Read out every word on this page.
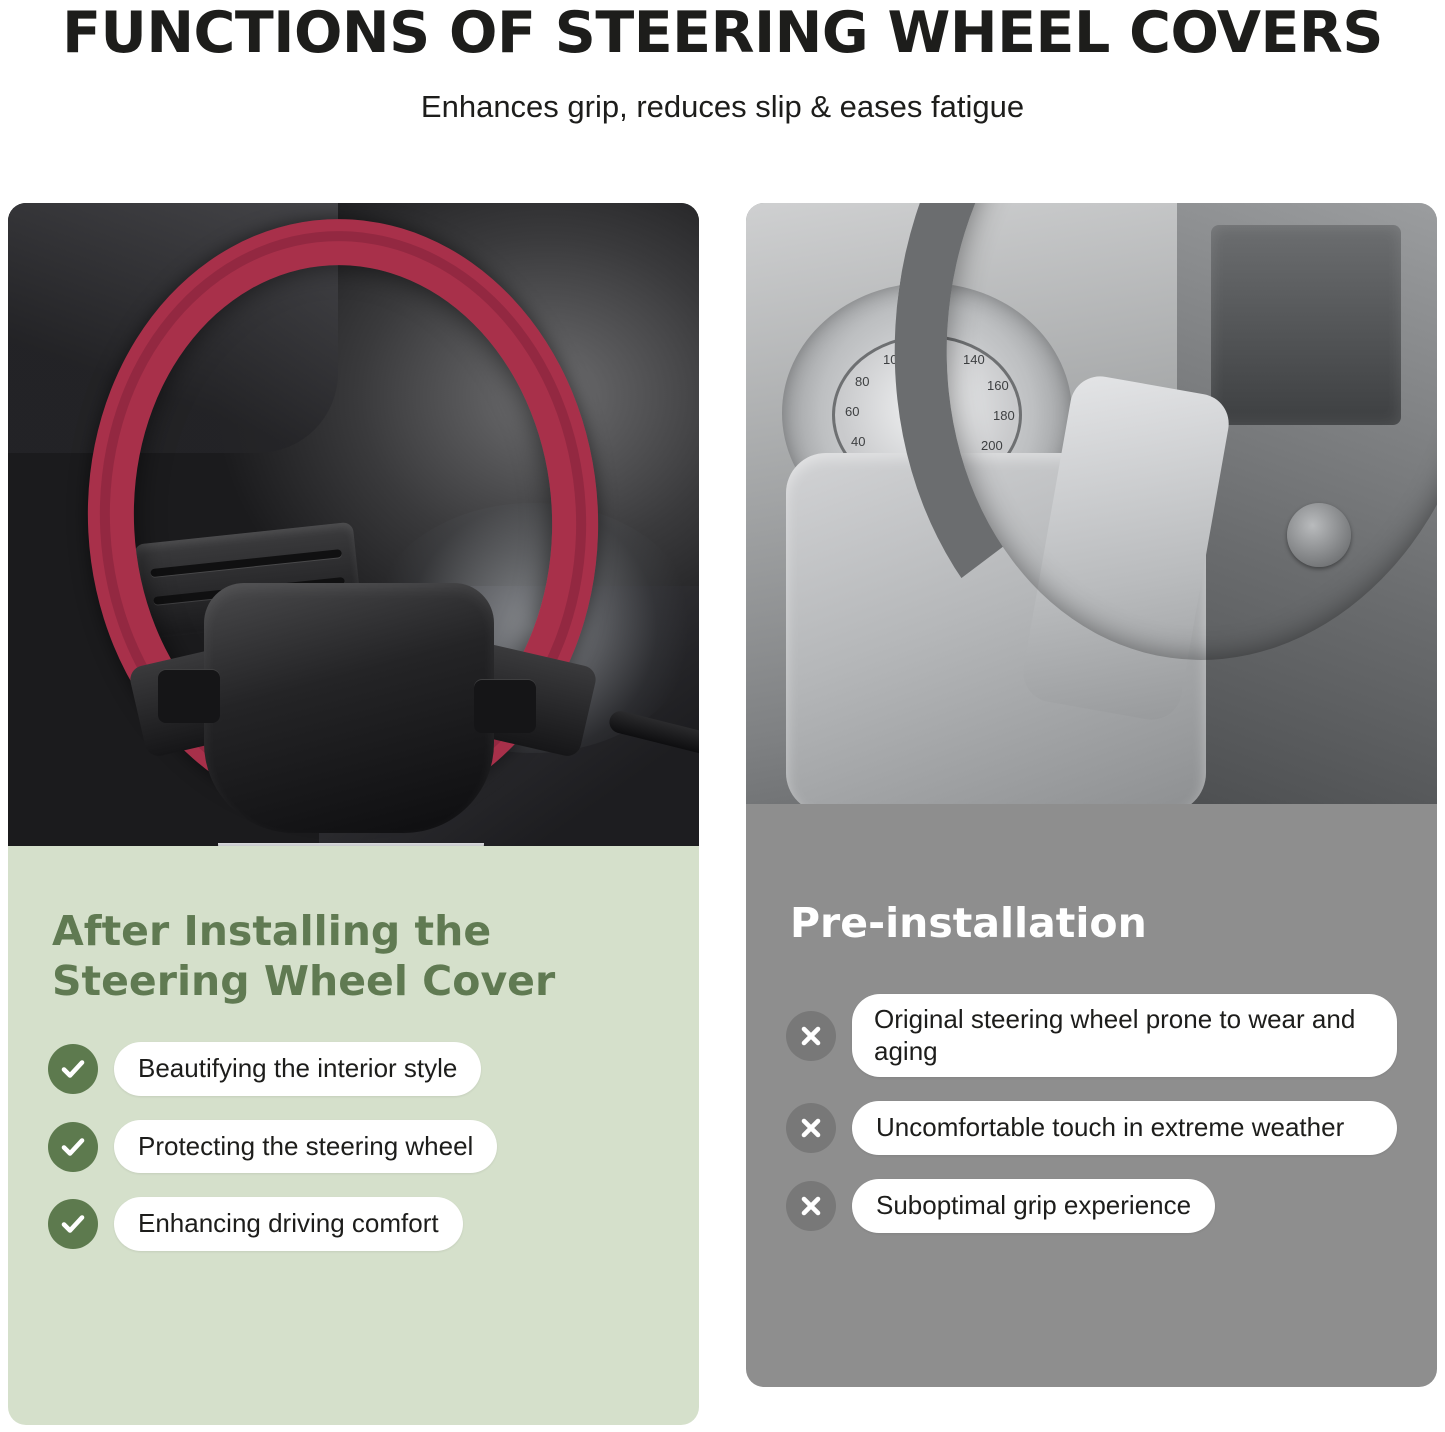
FUNCTIONS OF STEERING WHEEL COVERS

Enhances grip, reduces slip & eases fatigue

After Installing the Steering Wheel Cover
Beautifying the interior style
Protecting the steering wheel
Enhancing driving comfort
40
60
80
100
120
140
160
180
200
Pre-installation
Original steering wheel prone to wear and aging
Uncomfortable touch in extreme weather
Suboptimal grip experience
